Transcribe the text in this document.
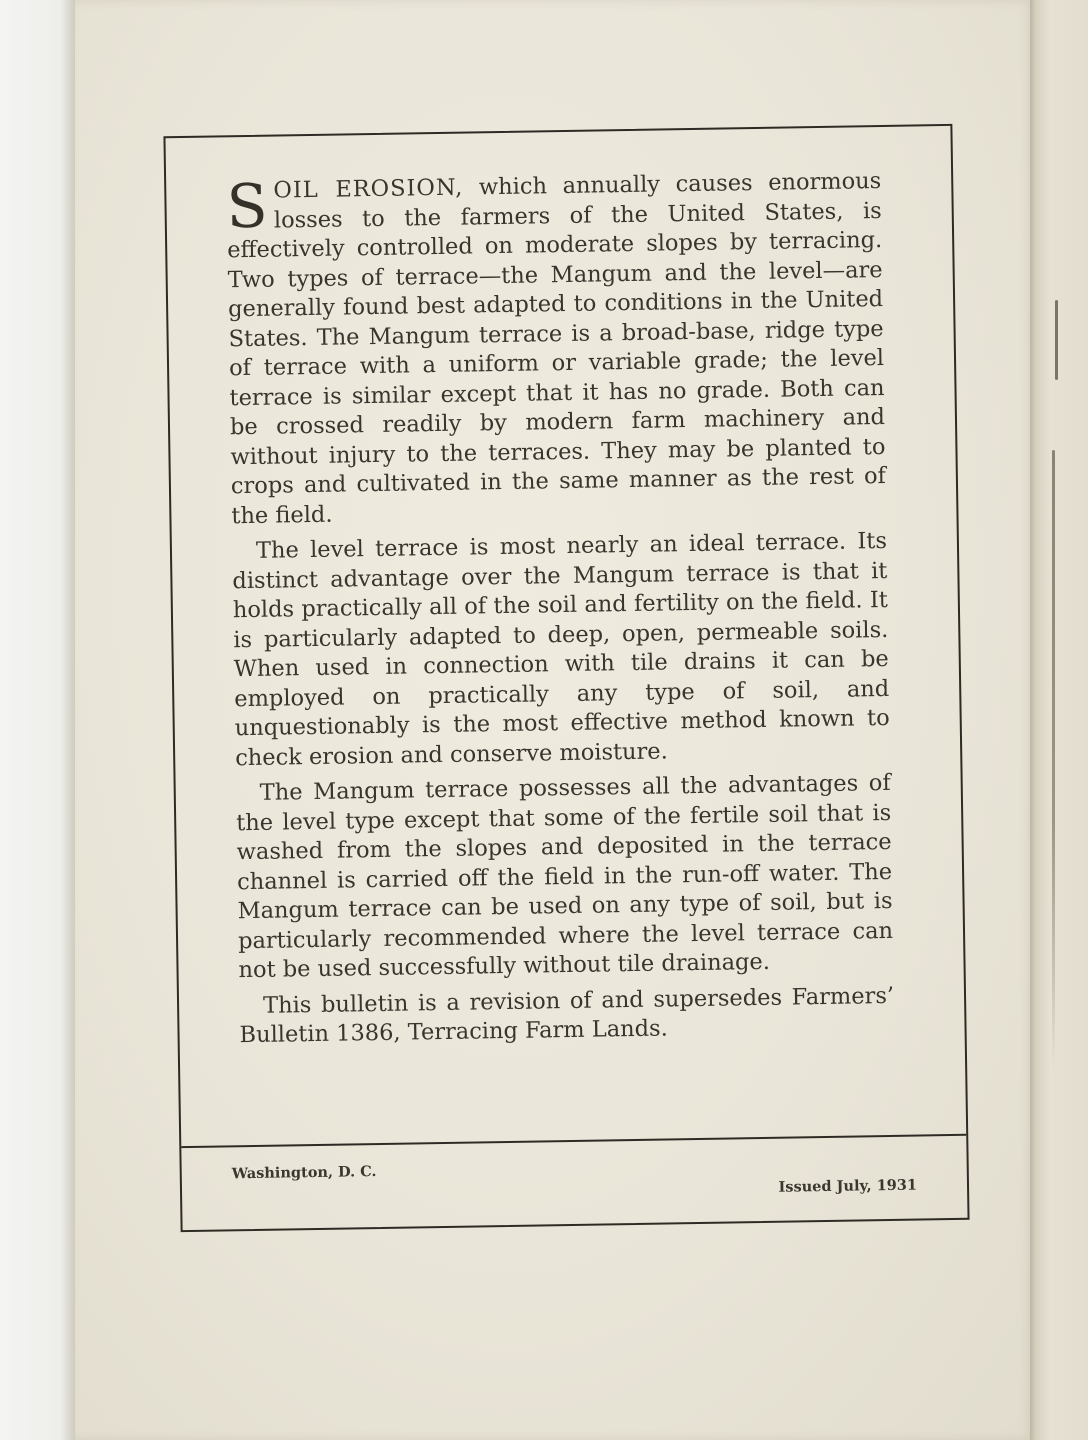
SOIL EROSION, which annually causes enormous losses to the farmers of the United States, is effectively controlled on moderate slopes by terracing. Two types of terrace—the Mangum and the level—are generally found best adapted to conditions in the United States. The Mangum terrace is a broad-base, ridge type of terrace with a uniform or variable grade; the level terrace is similar except that it has no grade. Both can be crossed readily by modern farm machinery and without injury to the terraces. They may be planted to crops and cultivated in the same manner as the rest of the field.

The level terrace is most nearly an ideal terrace. Its distinct advantage over the Mangum terrace is that it holds practically all of the soil and fertility on the field. It is particularly adapted to deep, open, permeable soils. When used in connection with tile drains it can be employed on practically any type of soil, and unquestionably is the most effective method known to check erosion and conserve moisture.

The Mangum terrace possesses all the advantages of the level type except that some of the fertile soil that is washed from the slopes and deposited in the terrace channel is carried off the field in the run-off water. The Mangum terrace can be used on any type of soil, but is particularly recommended where the level terrace can not be used successfully without tile drainage.

This bulletin is a revision of and supersedes Farmers’ Bulletin 1386, Terracing Farm Lands.

Washington, D. C.
Issued July, 1931
